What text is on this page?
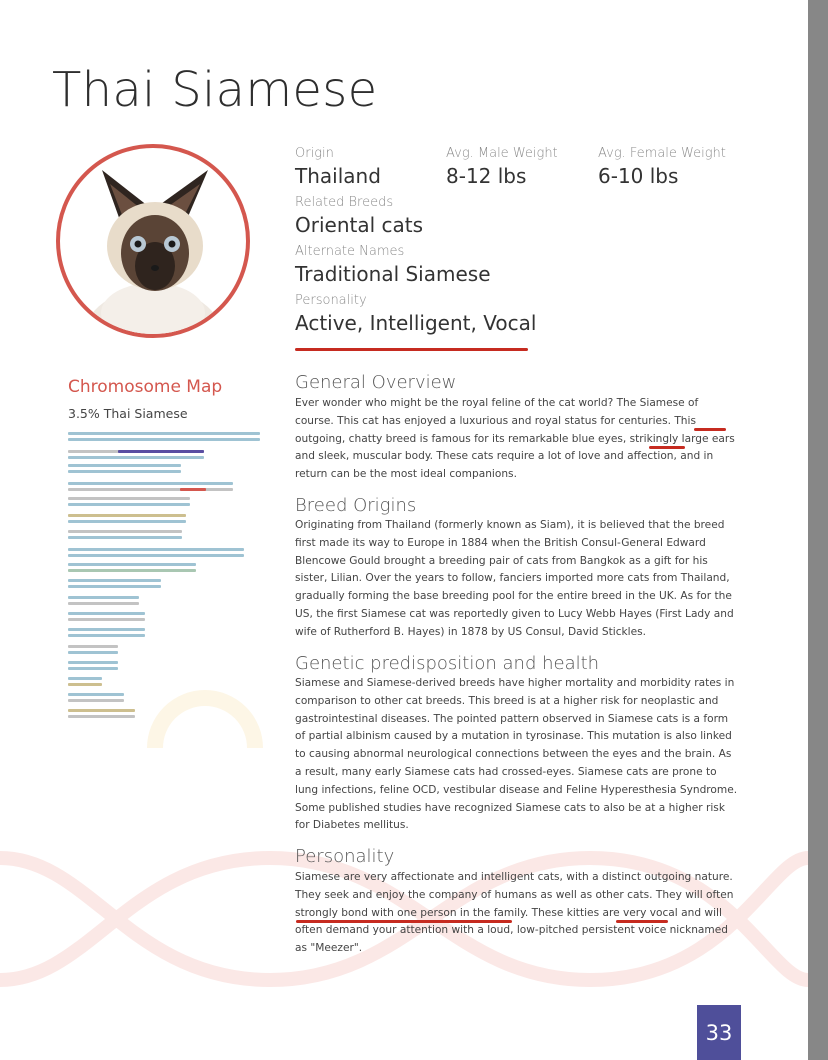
Thai Siamese
Origin
Thailand
Avg. Male Weight
8-12 lbs
Avg. Female Weight
6-10 lbs
Related Breeds
Oriental cats
Alternate Names
Traditional Siamese
Personality
Active, Intelligent, Vocal
Chromosome Map
3.5% Thai Siamese
General Overview
Ever wonder who might be the royal feline of the cat world? The Siamese of course. This cat has enjoyed a luxurious and royal status for centuries. This outgoing, chatty breed is famous for its remarkable blue eyes, strikingly large ears and sleek, muscular body. These cats require a lot of love and affection, and in return can be the most ideal companions.
Breed Origins
Originating from Thailand (formerly known as Siam), it is believed that the breed first made its way to Europe in 1884 when the British Consul-General Edward Blencowe Gould brought a breeding pair of cats from Bangkok as a gift for his sister, Lilian. Over the years to follow, fanciers imported more cats from Thailand, gradually forming the base breeding pool for the entire breed in the UK. As for the US, the first Siamese cat was reportedly given to Lucy Webb Hayes (First Lady and wife of Rutherford B. Hayes) in 1878 by US Consul, David Stickles.
Genetic predisposition and health
Siamese and Siamese-derived breeds have higher mortality and morbidity rates in comparison to other cat breeds. This breed is at a higher risk for neoplastic and gastrointestinal diseases. The pointed pattern observed in Siamese cats is a form of partial albinism caused by a mutation in tyrosinase. This mutation is also linked to causing abnormal neurological connections between the eyes and the brain. As a result, many early Siamese cats had crossed-eyes. Siamese cats are prone to lung infections, feline OCD, vestibular disease and Feline Hyperesthesia Syndrome. Some published studies have recognized Siamese cats to also be at a higher risk for Diabetes mellitus.
Personality
Siamese are very affectionate and intelligent cats, with a distinct outgoing nature. They seek and enjoy the company of humans as well as other cats. They will often strongly bond with one person in the family. These kitties are very vocal and will often demand your attention with a loud, low-pitched persistent voice nicknamed as "Meezer".
33
